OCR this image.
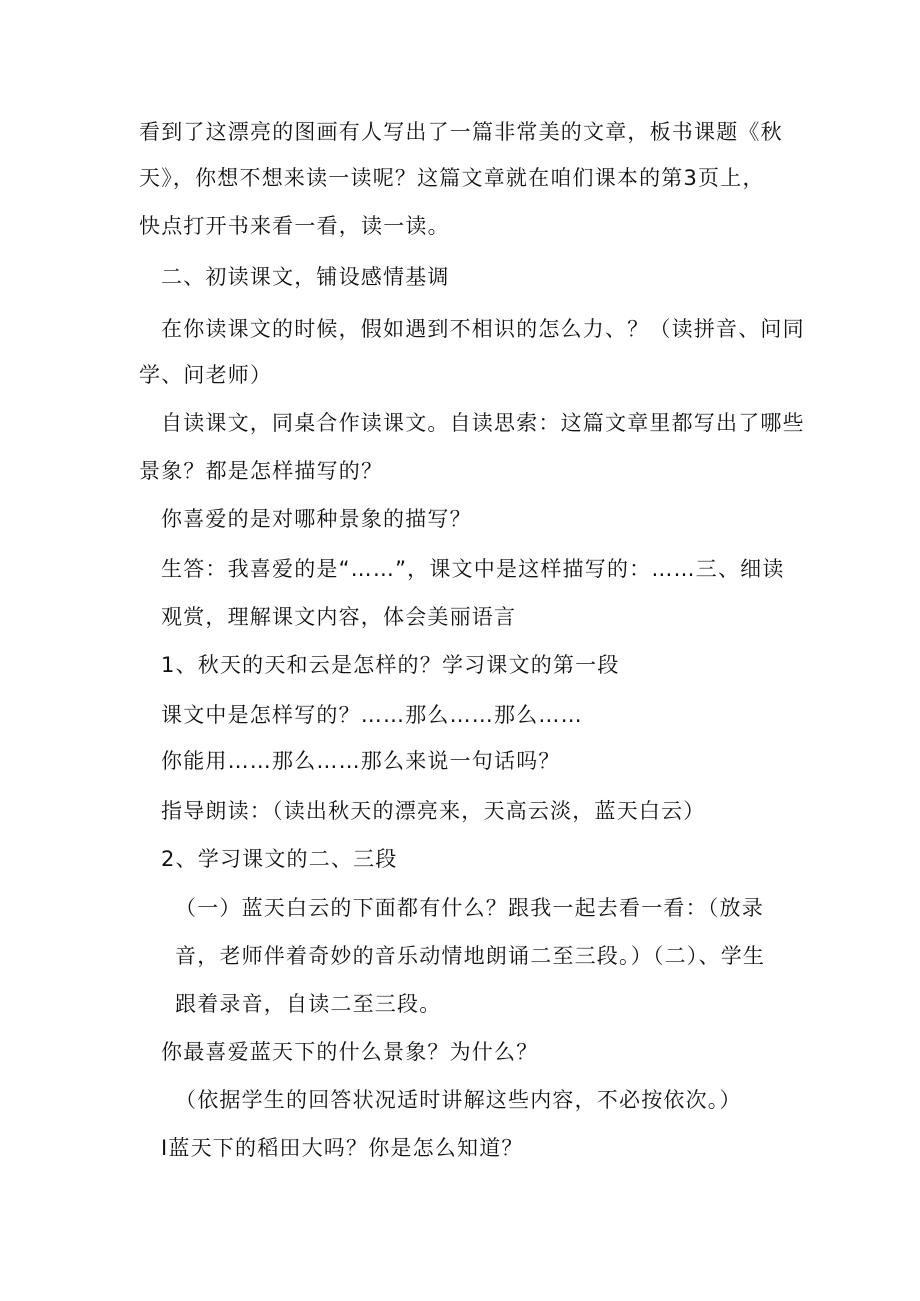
看到了这漂亮的图画有人写出了一篇非常美的文章，板书课题《秋
天》，你想不想来读一读呢？这篇文章就在咱们课本的第3页上，
快点打开书来看一看，读一读。
二、初读课文，铺设感情基调
在你读课文的时候，假如遇到不相识的怎么力、？（读拼音、问同
学、问老师）
自读课文，同桌合作读课文。自读思索：这篇文章里都写出了哪些
景象？都是怎样描写的？
你喜爱的是对哪种景象的描写？
生答：我喜爱的是“……”，课文中是这样描写的：……三、细读
观赏，理解课文内容，体会美丽语言
1、秋天的天和云是怎样的？学习课文的第一段
课文中是怎样写的？……那么……那么……
你能用……那么……那么来说一句话吗？
指导朗读：（读出秋天的漂亮来，天高云淡，蓝天白云）
2、学习课文的二、三段
（一）蓝天白云的下面都有什么？跟我一起去看一看：（放录
音，老师伴着奇妙的音乐动情地朗诵二至三段。）（二）、学生
跟着录音，自读二至三段。
你最喜爱蓝天下的什么景象？为什么？
（依据学生的回答状况适时讲解这些内容，不必按依次。）
I蓝天下的稻田大吗？你是怎么知道？
